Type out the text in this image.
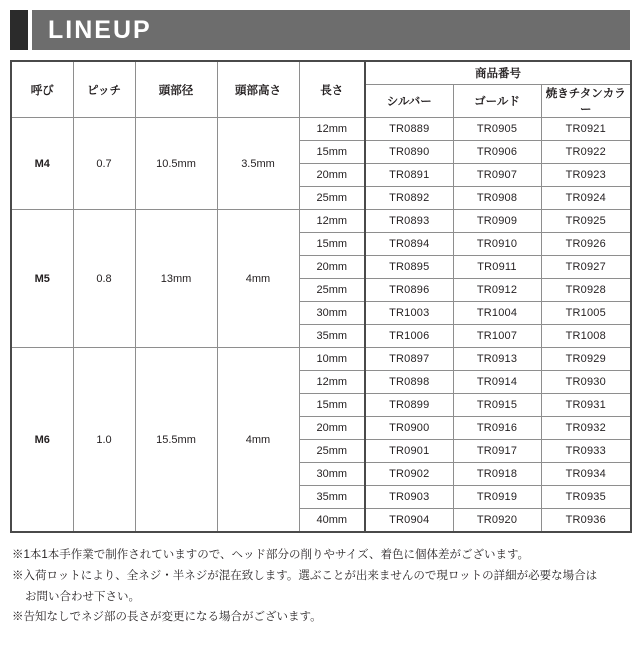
LINEUP
呼び	ピッチ	頭部径	頭部高さ	長さ	商品番号		
					シルバー	ゴールド	焼きチタンカラー
M4	0.7	10.5mm	3.5mm	12mm	TR0889	TR0905	TR0921
				15mm	TR0890	TR0906	TR0922
				20mm	TR0891	TR0907	TR0923
				25mm	TR0892	TR0908	TR0924
M5	0.8	13mm	4mm	12mm	TR0893	TR0909	TR0925
				15mm	TR0894	TR0910	TR0926
				20mm	TR0895	TR0911	TR0927
				25mm	TR0896	TR0912	TR0928
				30mm	TR1003	TR1004	TR1005
				35mm	TR1006	TR1007	TR1008
M6	1.0	15.5mm	4mm	10mm	TR0897	TR0913	TR0929
				12mm	TR0898	TR0914	TR0930
				15mm	TR0899	TR0915	TR0931
				20mm	TR0900	TR0916	TR0932
				25mm	TR0901	TR0917	TR0933
				30mm	TR0902	TR0918	TR0934
				35mm	TR0903	TR0919	TR0935
				40mm	TR0904	TR0920	TR0936

※1本1本手作業で制作されていますので、ヘッド部分の削りやサイズ、着色に個体差がございます。

※入荷ロットにより、全ネジ・半ネジが混在致します。選ぶことが出来ませんので現ロットの詳細が必要な場合は

お問い合わせ下さい。

※告知なしでネジ部の長さが変更になる場合がございます。
